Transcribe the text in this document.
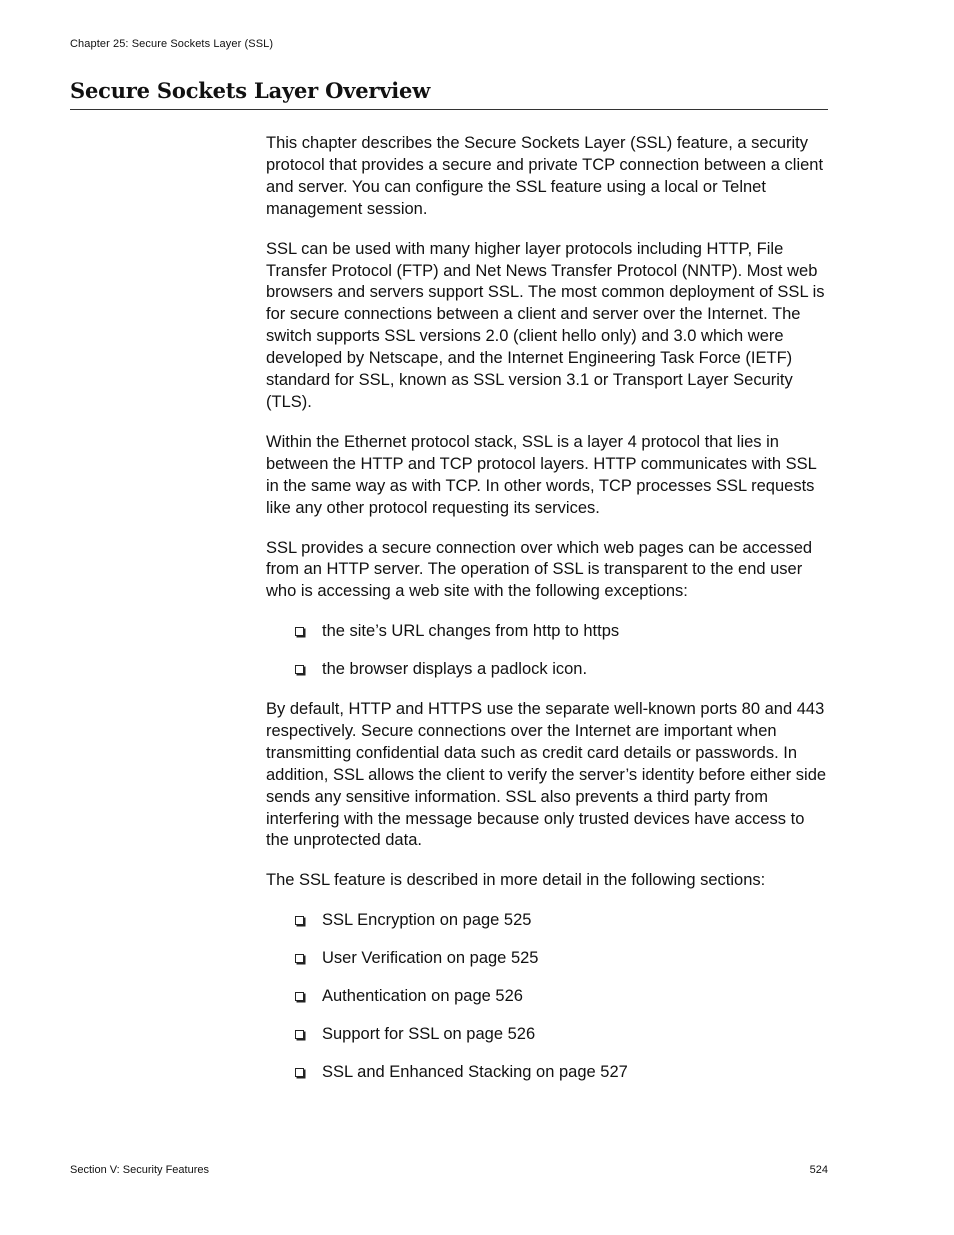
Chapter 25: Secure Sockets Layer (SSL)
Secure Sockets Layer Overview

This chapter describes the Secure Sockets Layer (SSL) feature, a security protocol that provides a secure and private TCP connection between a client and server. You can configure the SSL feature using a local or Telnet management session.

SSL can be used with many higher layer protocols including HTTP, File Transfer Protocol (FTP) and Net News Transfer Protocol (NNTP). Most web browsers and servers support SSL. The most common deployment of SSL is for secure connections between a client and server over the Internet. The switch supports SSL versions 2.0 (client hello only) and 3.0 which were developed by Netscape, and the Internet Engineering Task Force (IETF) standard for SSL, known as SSL version 3.1 or Transport Layer Security (TLS).

Within the Ethernet protocol stack, SSL is a layer 4 protocol that lies in between the HTTP and TCP protocol layers. HTTP communicates with SSL in the same way as with TCP. In other words, TCP processes SSL requests like any other protocol requesting its services.

SSL provides a secure connection over which web pages can be accessed from an HTTP server. The operation of SSL is transparent to the end user who is accessing a web site with the following exceptions:

the site’s URL changes from http to https
the browser displays a padlock icon.

By default, HTTP and HTTPS use the separate well-known ports 80 and 443 respectively. Secure connections over the Internet are important when transmitting confidential data such as credit card details or passwords. In addition, SSL allows the client to verify the server’s identity before either side sends any sensitive information. SSL also prevents a third party from interfering with the message because only trusted devices have access to the unprotected data.

The SSL feature is described in more detail in the following sections:

SSL Encryption on page 525
User Verification on page 525
Authentication on page 526
Support for SSL on page 526
SSL and Enhanced Stacking on page 527
Section V: Security Features	524
